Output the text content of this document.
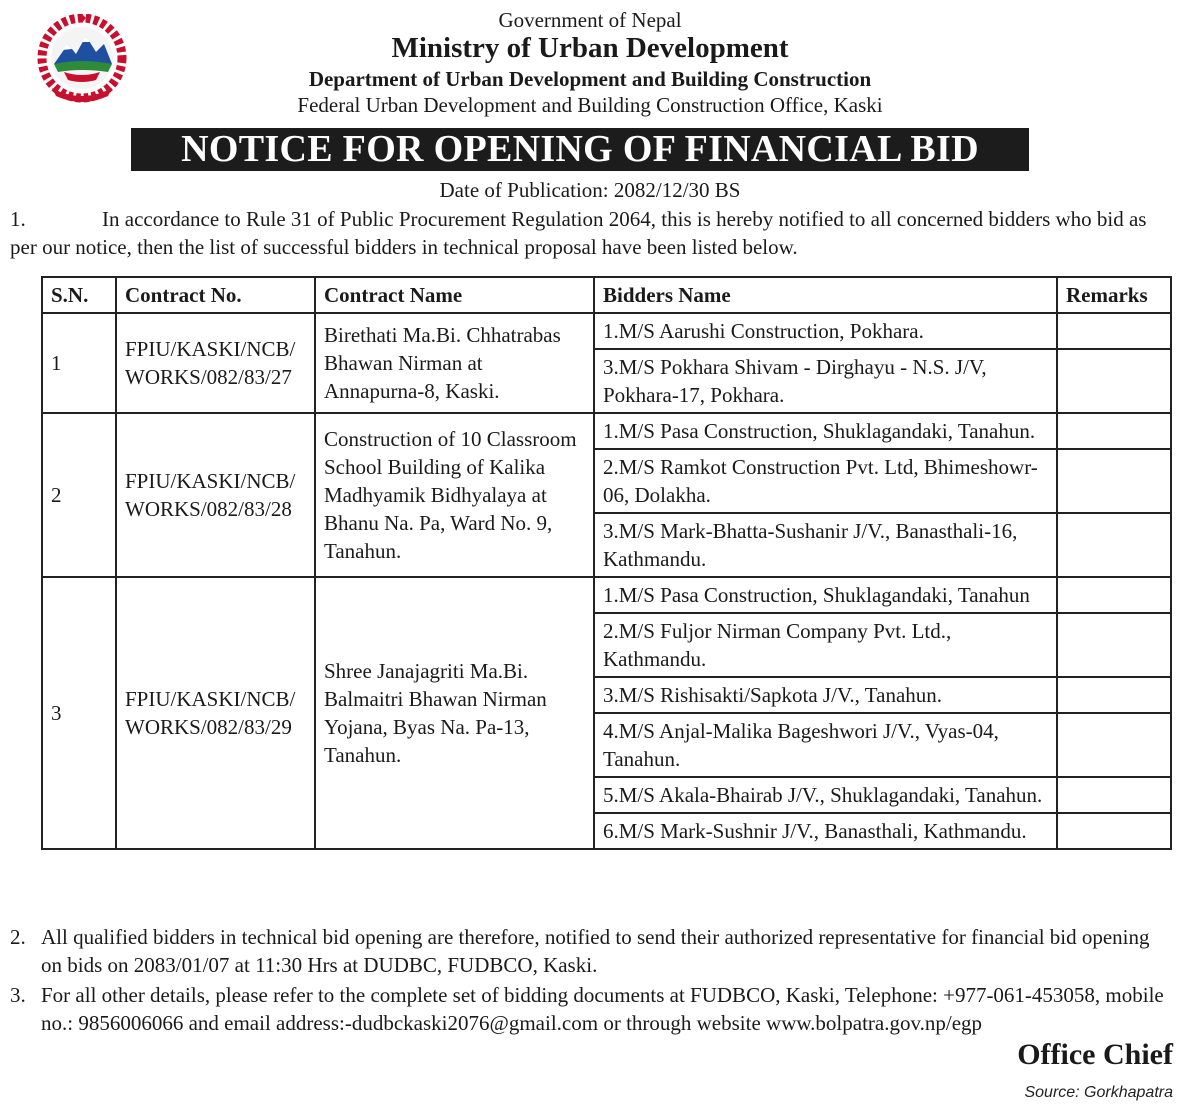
Government of Nepal
Ministry of Urban Development
Department of Urban Development and Building Construction
Federal Urban Development and Building Construction Office, Kaski
NOTICE FOR OPENING OF FINANCIAL BID
Date of Publication: 2082/12/30 BS
1.	In accordance to Rule 31 of Public Procurement Regulation 2064, this is hereby notified to all concerned bidders who bid as per our notice, then the list of successful bidders in technical proposal have been listed below.
S.N.	Contract No.	Contract Name	Bidders Name	Remarks
1	FPIU/KASKI/NCB/ WORKS/082/83/27	Birethati Ma.Bi. Chhatrabas Bhawan Nirman at Annapurna-8, Kaski.	1.M/S Aarushi Construction, Pokhara.	
			3.M/S Pokhara Shivam - Dirghayu - N.S. J/V, Pokhara-17, Pokhara.	
2	FPIU/KASKI/NCB/ WORKS/082/83/28	Construction of 10 Classroom School Building of Kalika Madhyamik Bidhyalaya at Bhanu Na. Pa, Ward No. 9, Tanahun.	1.M/S Pasa Construction, Shuklagandaki, Tanahun.	
			2.M/S Ramkot Construction Pvt. Ltd, Bhimeshowr-06, Dolakha.	
			3.M/S Mark-Bhatta-Sushanir J/V., Banasthali-16, Kathmandu.	
3	FPIU/KASKI/NCB/ WORKS/082/83/29	Shree Janajagriti Ma.Bi. Balmaitri Bhawan Nirman Yojana, Byas Na. Pa-13, Tanahun.	1.M/S Pasa Construction, Shuklagandaki, Tanahun	
			2.M/S Fuljor Nirman Company Pvt. Ltd., Kathmandu.	
			3.M/S Rishisakti/Sapkota J/V., Tanahun.	
			4.M/S Anjal-Malika Bageshwori J/V., Vyas-04, Tanahun.	
			5.M/S Akala-Bhairab J/V., Shuklagandaki, Tanahun.	
			6.M/S Mark-Sushnir J/V., Banasthali, Kathmandu.	
2. All qualified bidders in technical bid opening are therefore, notified to send their authorized representative for financial bid opening on bids on 2083/01/07 at 11:30 Hrs at DUDBC, FUDBCO, Kaski.
3. For all other details, please refer to the complete set of bidding documents at FUDBCO, Kaski, Telephone: +977-061-453058, mobile no.: 9856006066 and email address:-dudbckaski2076@gmail.com or through website www.bolpatra.gov.np/egp
Office Chief
Source: Gorkhapatra
